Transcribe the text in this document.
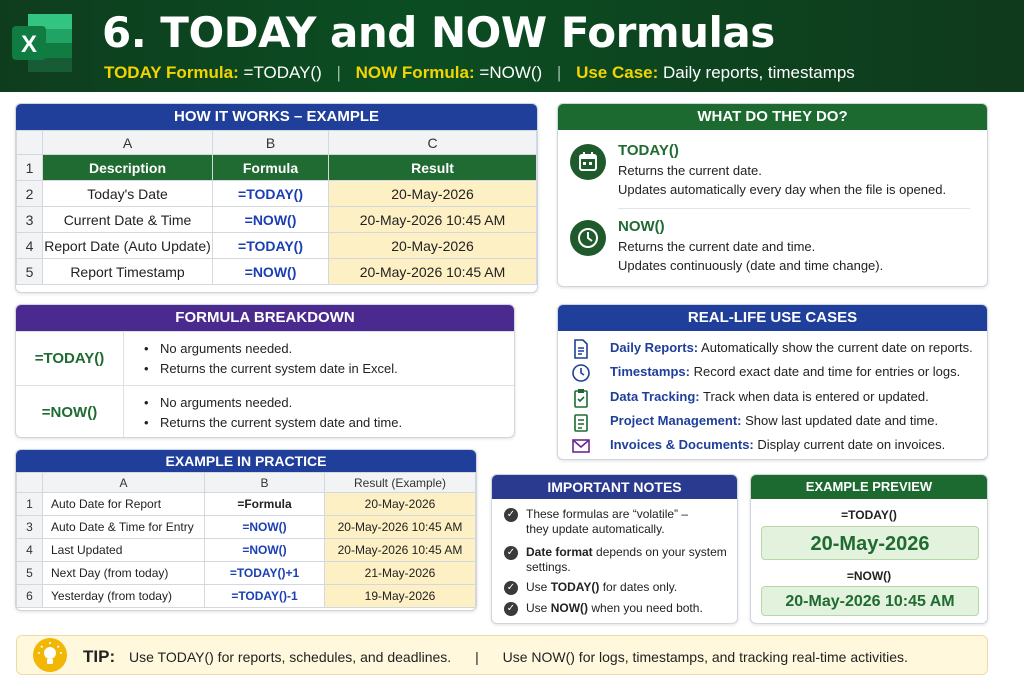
X 6. TODAY and NOW Formulas
TODAY Formula: =TODAY() | NOW Formula: =NOW() | Use Case: Daily reports, timestamps
HOW IT WORKS – EXAMPLE
	A	B	C
1	Description	Formula	Result
2	Today's Date	=TODAY()	20-May-2026
3	Current Date & Time	=NOW()	20-May-2026 10:45 AM
4	Report Date (Auto Update)	=TODAY()	20-May-2026
5	Report Timestamp	=NOW()	20-May-2026 10:45 AM
WHAT DO THEY DO?
TODAY()
Returns the current date.
Updates automatically every day when the file is opened.
NOW()
Returns the current date and time.
Updates continuously (date and time change).
FORMULA BREAKDOWN
=TODAY()
• No arguments needed.
• Returns the current system date in Excel.
=NOW()
• No arguments needed.
• Returns the current system date and time.
REAL-LIFE USE CASES
Daily Reports: Automatically show the current date on reports.
Timestamps: Record exact date and time for entries or logs.
Data Tracking: Track when data is entered or updated.
Project Management: Show last updated date and time.
Invoices & Documents: Display current date on invoices.
EXAMPLE IN PRACTICE
	A	B	Result (Example)
1	Auto Date for Report	=Formula	20-May-2026
3	Auto Date & Time for Entry	=NOW()	20-May-2026 10:45 AM
4	Last Updated	=NOW()	20-May-2026 10:45 AM
5	Next Day (from today)	=TODAY()+1	21-May-2026
6	Yesterday (from today)	=TODAY()-1	19-May-2026
IMPORTANT NOTES
✓ These formulas are “volatile” –
they update automatically.
✓ Date format depends on your system
settings.
✓ Use TODAY() for dates only.
✓ Use NOW() when you need both.
EXAMPLE PREVIEW
=TODAY()
20-May-2026
=NOW()
20-May-2026 10:45 AM
TIP: Use TODAY() for reports, schedules, and deadlines. | Use NOW() for logs, timestamps, and tracking real-time activities.
